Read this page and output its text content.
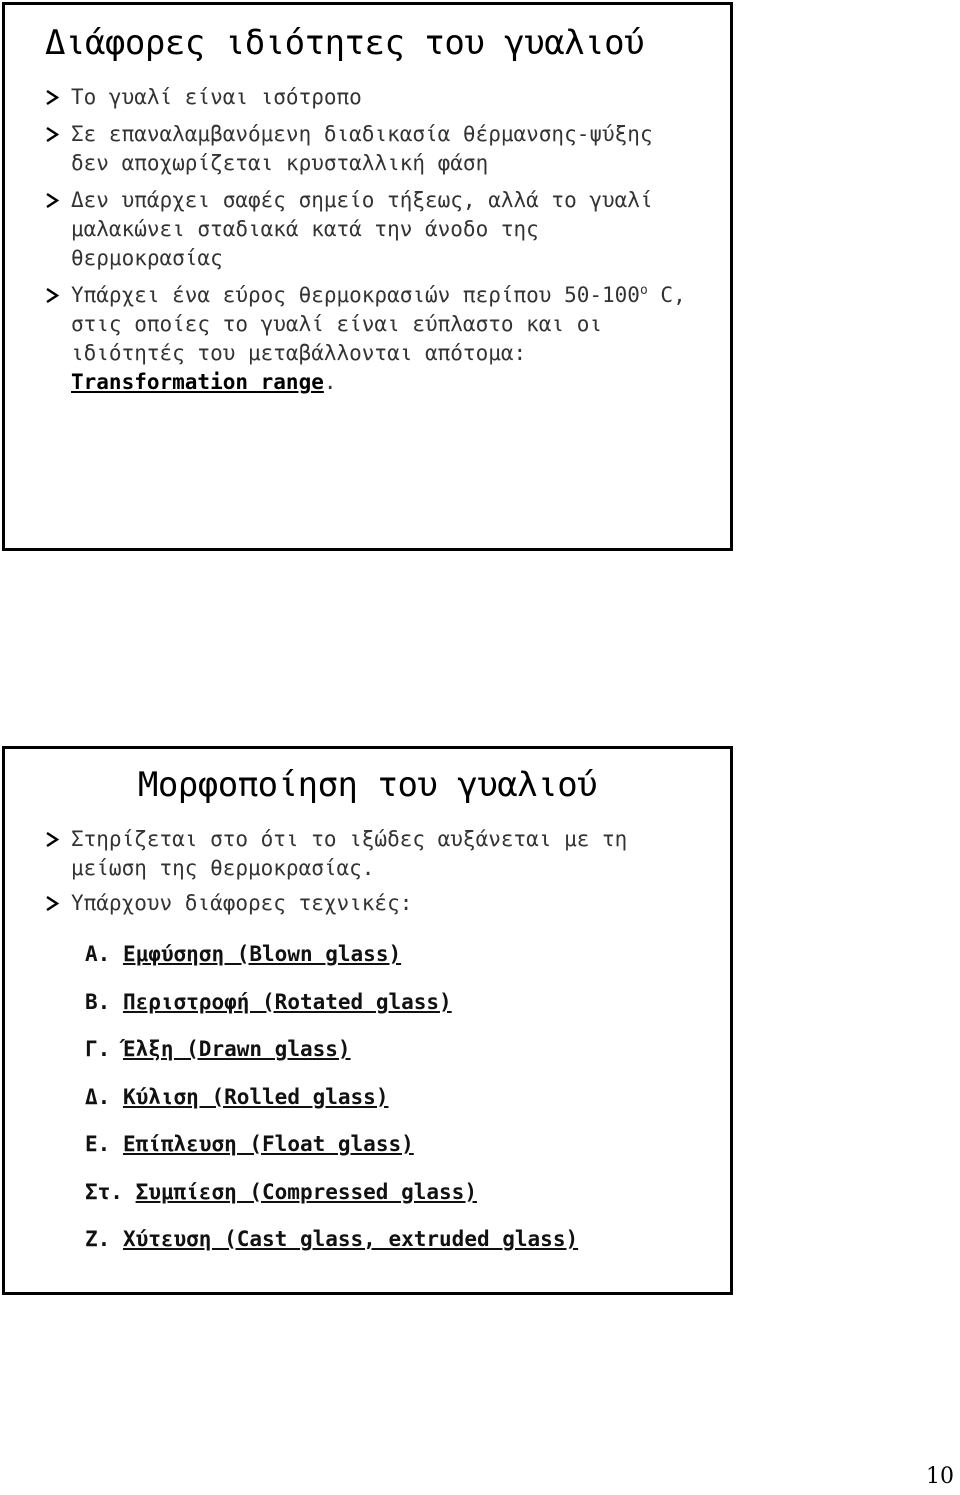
Διάφορες ιδιότητες του γυαλιού
Το γυαλί είναι ισότροπο
Σε επαναλαμβανόμενη διαδικασία θέρμανσης-ψύξης δεν αποχωρίζεται κρυσταλλική φάση
Δεν υπάρχει σαφές σημείο τήξεως, αλλά το γυαλί μαλακώνει σταδιακά κατά την άνοδο της θερμοκρασίας
Υπάρχει ένα εύρος θερμοκρασιών περίπου $50-100^o$ C, στις οποίες το γυαλί είναι εύπλαστο και οι ιδιότητές του μεταβάλλονται απότομα: Transformation range.
Μορφοποίηση του γυαλιού
Στηρίζεται στο ότι το ιξώδες αυξάνεται με τη μείωση της θερμοκρασίας.
Υπάρχουν διάφορες τεχνικές:
Α. Εμφύσηση (Blown glass)
Β. Περιστροφή (Rotated glass)
Γ. Έλξη (Drawn glass)
Δ. Κύλιση (Rolled glass)
Ε. Επίπλευση (Float glass)
Στ. Συμπίεση (Compressed glass)
Ζ. Χύτευση (Cast glass, extruded glass)
10
